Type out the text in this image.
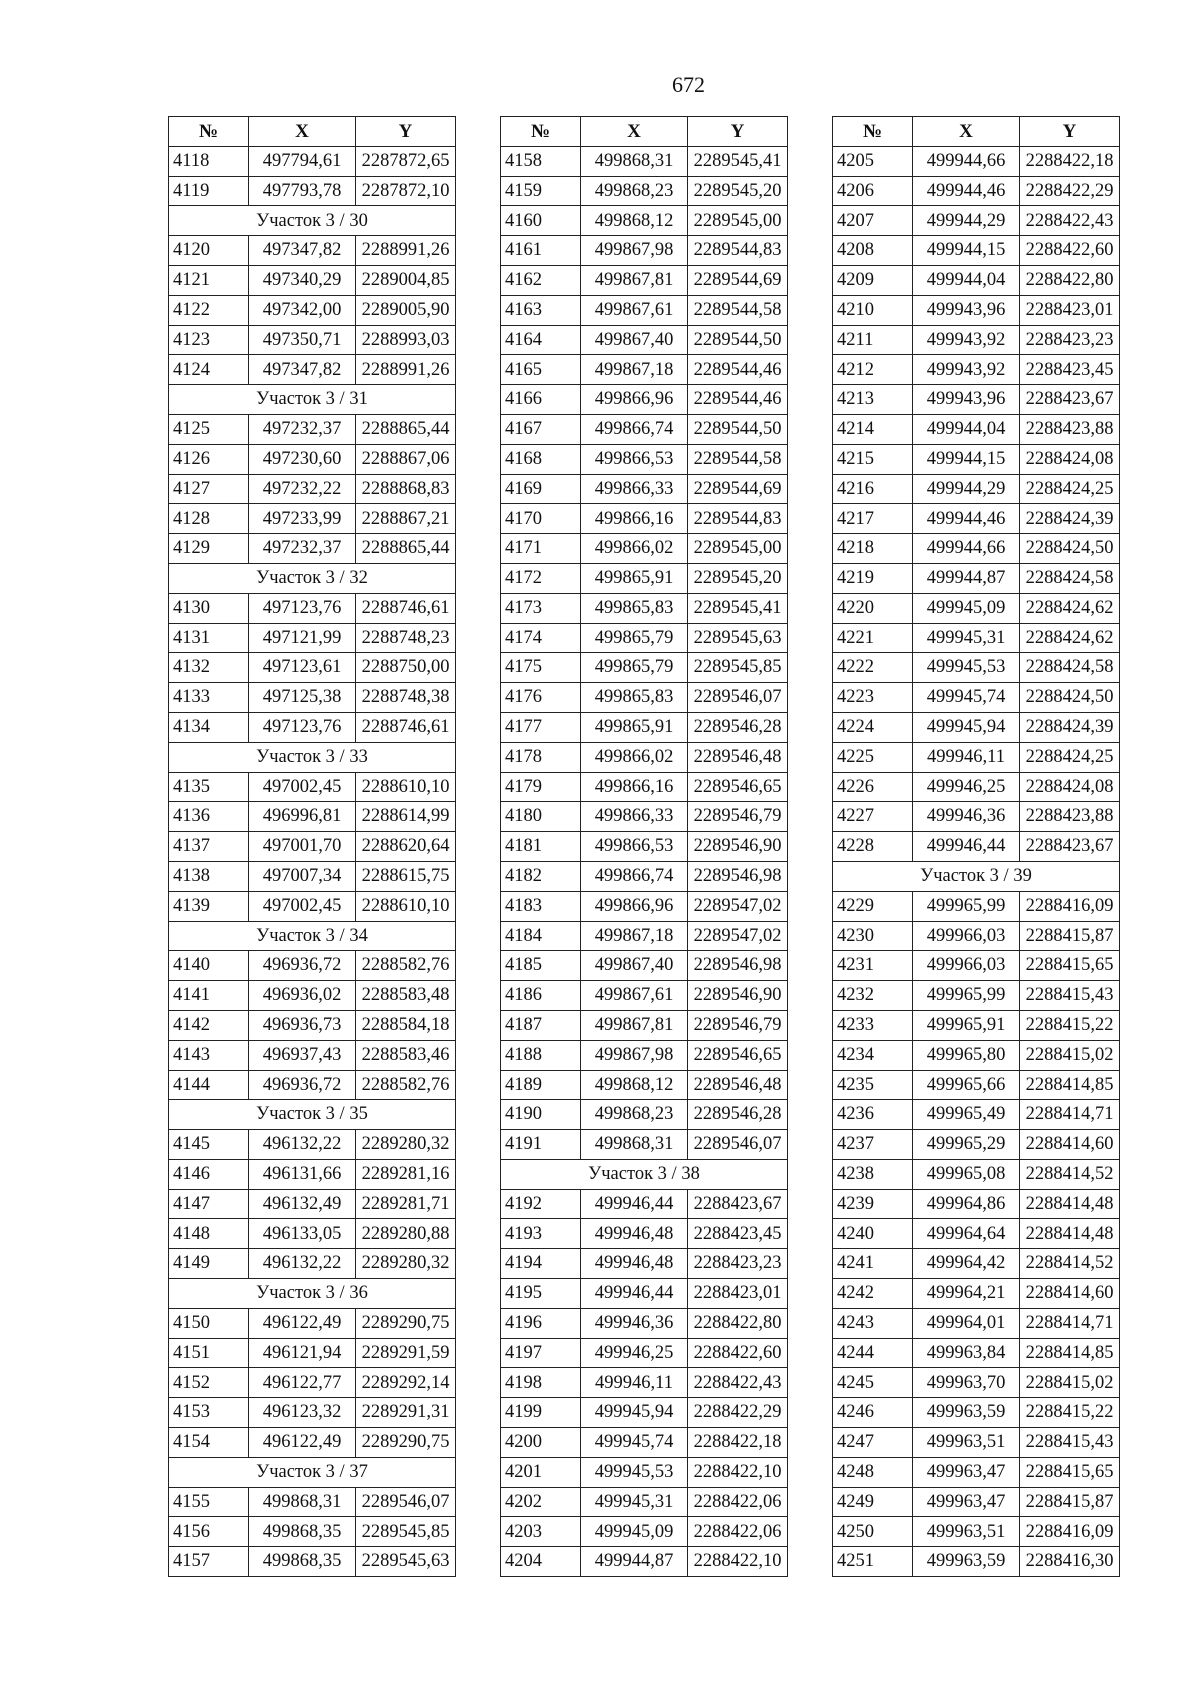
672
№	X	Y
4118	497794,61	2287872,65
4119	497793,78	2287872,10
Участок 3 / 30		
4120	497347,82	2288991,26
4121	497340,29	2289004,85
4122	497342,00	2289005,90
4123	497350,71	2288993,03
4124	497347,82	2288991,26
Участок 3 / 31		
4125	497232,37	2288865,44
4126	497230,60	2288867,06
4127	497232,22	2288868,83
4128	497233,99	2288867,21
4129	497232,37	2288865,44
Участок 3 / 32		
4130	497123,76	2288746,61
4131	497121,99	2288748,23
4132	497123,61	2288750,00
4133	497125,38	2288748,38
4134	497123,76	2288746,61
Участок 3 / 33		
4135	497002,45	2288610,10
4136	496996,81	2288614,99
4137	497001,70	2288620,64
4138	497007,34	2288615,75
4139	497002,45	2288610,10
Участок 3 / 34		
4140	496936,72	2288582,76
4141	496936,02	2288583,48
4142	496936,73	2288584,18
4143	496937,43	2288583,46
4144	496936,72	2288582,76
Участок 3 / 35		
4145	496132,22	2289280,32
4146	496131,66	2289281,16
4147	496132,49	2289281,71
4148	496133,05	2289280,88
4149	496132,22	2289280,32
Участок 3 / 36		
4150	496122,49	2289290,75
4151	496121,94	2289291,59
4152	496122,77	2289292,14
4153	496123,32	2289291,31
4154	496122,49	2289290,75
Участок 3 / 37		
4155	499868,31	2289546,07
4156	499868,35	2289545,85
4157	499868,35	2289545,63
№	X	Y
4158	499868,31	2289545,41
4159	499868,23	2289545,20
4160	499868,12	2289545,00
4161	499867,98	2289544,83
4162	499867,81	2289544,69
4163	499867,61	2289544,58
4164	499867,40	2289544,50
4165	499867,18	2289544,46
4166	499866,96	2289544,46
4167	499866,74	2289544,50
4168	499866,53	2289544,58
4169	499866,33	2289544,69
4170	499866,16	2289544,83
4171	499866,02	2289545,00
4172	499865,91	2289545,20
4173	499865,83	2289545,41
4174	499865,79	2289545,63
4175	499865,79	2289545,85
4176	499865,83	2289546,07
4177	499865,91	2289546,28
4178	499866,02	2289546,48
4179	499866,16	2289546,65
4180	499866,33	2289546,79
4181	499866,53	2289546,90
4182	499866,74	2289546,98
4183	499866,96	2289547,02
4184	499867,18	2289547,02
4185	499867,40	2289546,98
4186	499867,61	2289546,90
4187	499867,81	2289546,79
4188	499867,98	2289546,65
4189	499868,12	2289546,48
4190	499868,23	2289546,28
4191	499868,31	2289546,07
Участок 3 / 38		
4192	499946,44	2288423,67
4193	499946,48	2288423,45
4194	499946,48	2288423,23
4195	499946,44	2288423,01
4196	499946,36	2288422,80
4197	499946,25	2288422,60
4198	499946,11	2288422,43
4199	499945,94	2288422,29
4200	499945,74	2288422,18
4201	499945,53	2288422,10
4202	499945,31	2288422,06
4203	499945,09	2288422,06
4204	499944,87	2288422,10
№	X	Y
4205	499944,66	2288422,18
4206	499944,46	2288422,29
4207	499944,29	2288422,43
4208	499944,15	2288422,60
4209	499944,04	2288422,80
4210	499943,96	2288423,01
4211	499943,92	2288423,23
4212	499943,92	2288423,45
4213	499943,96	2288423,67
4214	499944,04	2288423,88
4215	499944,15	2288424,08
4216	499944,29	2288424,25
4217	499944,46	2288424,39
4218	499944,66	2288424,50
4219	499944,87	2288424,58
4220	499945,09	2288424,62
4221	499945,31	2288424,62
4222	499945,53	2288424,58
4223	499945,74	2288424,50
4224	499945,94	2288424,39
4225	499946,11	2288424,25
4226	499946,25	2288424,08
4227	499946,36	2288423,88
4228	499946,44	2288423,67
Участок 3 / 39		
4229	499965,99	2288416,09
4230	499966,03	2288415,87
4231	499966,03	2288415,65
4232	499965,99	2288415,43
4233	499965,91	2288415,22
4234	499965,80	2288415,02
4235	499965,66	2288414,85
4236	499965,49	2288414,71
4237	499965,29	2288414,60
4238	499965,08	2288414,52
4239	499964,86	2288414,48
4240	499964,64	2288414,48
4241	499964,42	2288414,52
4242	499964,21	2288414,60
4243	499964,01	2288414,71
4244	499963,84	2288414,85
4245	499963,70	2288415,02
4246	499963,59	2288415,22
4247	499963,51	2288415,43
4248	499963,47	2288415,65
4249	499963,47	2288415,87
4250	499963,51	2288416,09
4251	499963,59	2288416,30
